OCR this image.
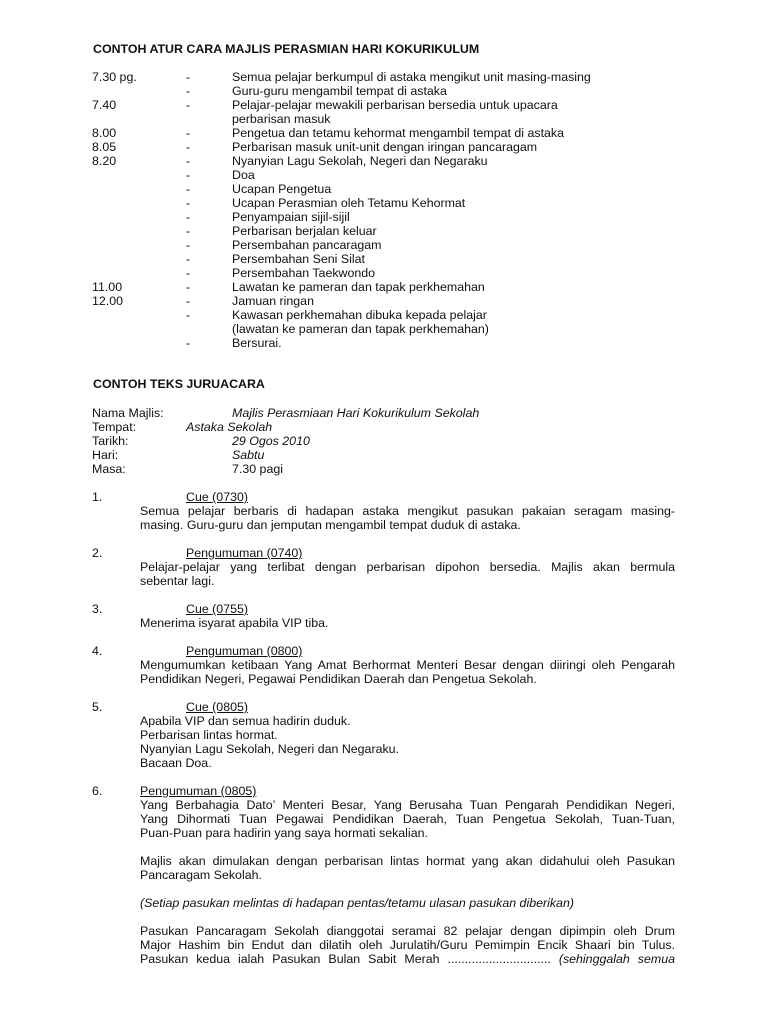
CONTOH ATUR CARA MAJLIS PERASMIAN HARI KOKURIKULUM
7.30 pg.	-	Semua pelajar berkumpul di astaka mengikut unit masing-masing
-	Guru-guru mengambil tempat di astaka
7.40	-	Pelajar-pelajar mewakili perbarisan bersedia untuk upacara
perbarisan masuk
8.00	-	Pengetua dan tetamu kehormat mengambil tempat di astaka
8.05	-	Perbarisan masuk unit-unit dengan iringan pancaragam
8.20	-	Nyanyian Lagu Sekolah, Negeri dan Negaraku
-	Doa
-	Ucapan Pengetua
-	Ucapan Perasmian oleh Tetamu Kehormat
-	Penyampaian sijil-sijil
-	Perbarisan berjalan keluar
-	Persembahan pancaragam
-	Persembahan Seni Silat
-	Persembahan Taekwondo
11.00	-	Lawatan ke pameran dan tapak perkhemahan
12.00	-	Jamuan ringan
-	Kawasan perkhemahan dibuka kepada pelajar
(lawatan ke pameran dan tapak perkhemahan)
-	Bersurai.
CONTOH TEKS JURUACARA
Nama Majlis:	Majlis Perasmiaan Hari Kokurikulum Sekolah
Tempat:	Astaka Sekolah
Tarikh:	29 Ogos 2010
Hari:	Sabtu
Masa:	7.30 pagi
1.	Cue (0730)
Semua pelajar berbaris di hadapan astaka mengikut pasukan pakaian seragam masing-
masing. Guru-guru dan jemputan mengambil tempat duduk di astaka.
2.	Pengumuman (0740)
Pelajar-pelajar yang terlibat dengan perbarisan dipohon bersedia. Majlis akan bermula
sebentar lagi.
3.	Cue (0755)
Menerima isyarat apabila VIP tiba.
4.	Pengumuman (0800)
Mengumumkan ketibaan Yang Amat Berhormat Menteri Besar dengan diiringi oleh Pengarah
Pendidikan Negeri, Pegawai Pendidikan Daerah dan Pengetua Sekolah.
5.	Cue (0805)
Apabila VIP dan semua hadirin duduk.
Perbarisan lintas hormat.
Nyanyian Lagu Sekolah, Negeri dan Negaraku.
Bacaan Doa.
6.	Pengumuman (0805)
Yang Berbahagia Dato’ Menteri Besar, Yang Berusaha Tuan Pengarah Pendidikan Negeri,
Yang Dihormati Tuan Pegawai Pendidikan Daerah, Tuan Pengetua Sekolah, Tuan-Tuan,
Puan-Puan para hadirin yang saya hormati sekalian.
Majlis akan dimulakan dengan perbarisan lintas hormat yang akan didahului oleh Pasukan
Pancaragam Sekolah.
(Setiap pasukan melintas di hadapan pentas/tetamu ulasan pasukan diberikan)
Pasukan Pancaragam Sekolah dianggotai seramai 82 pelajar dengan dipimpin oleh Drum
Major Hashim bin Endut dan dilatih oleh Jurulatih/Guru Pemimpin Encik Shaari bin Tulus.
Pasukan kedua ialah Pasukan Bulan Sabit Merah .............................. (sehinggalah semua
